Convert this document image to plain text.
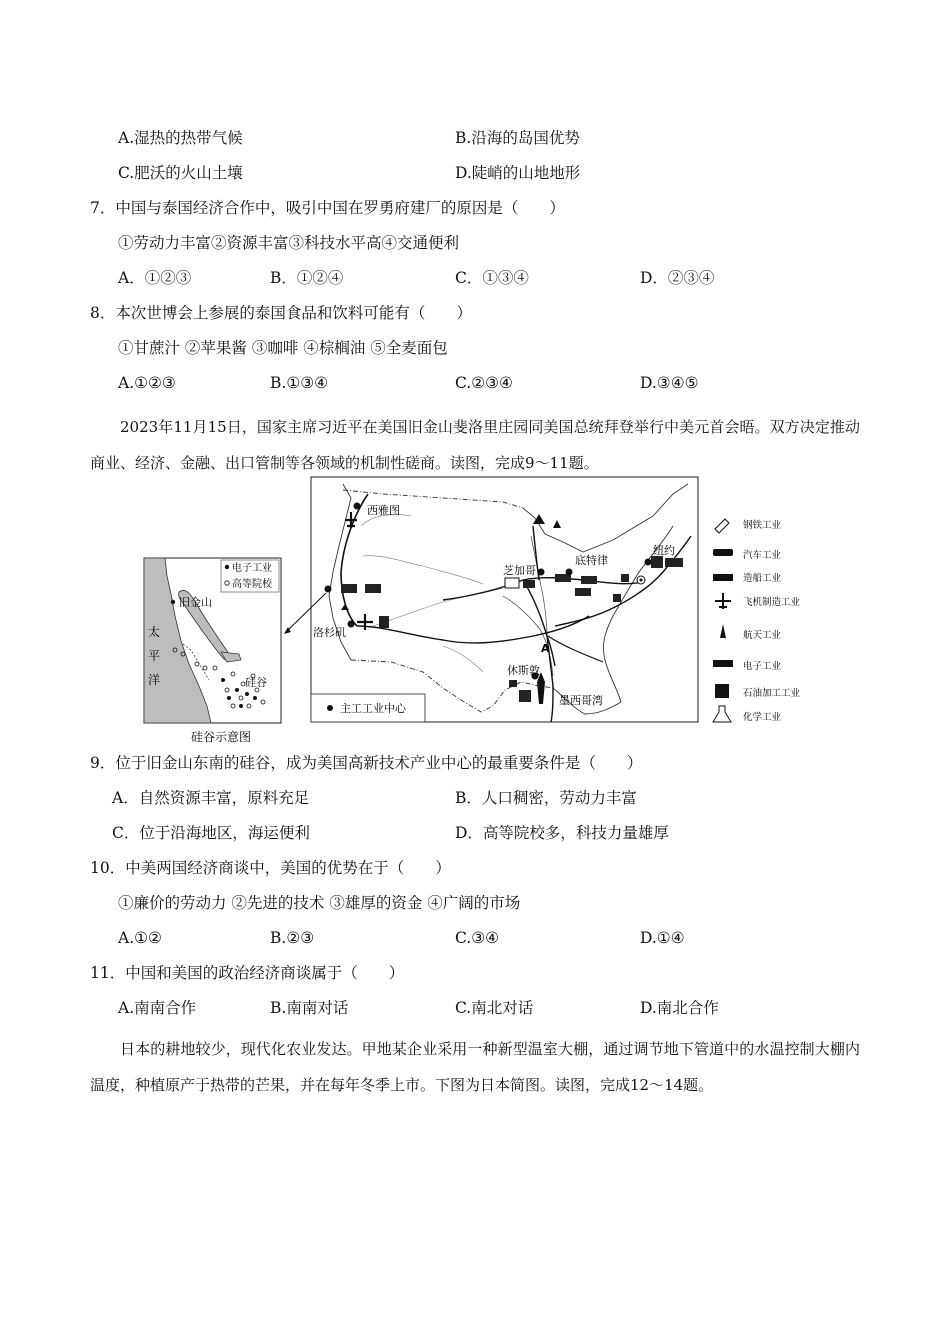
A.湿热的热带气候	B.沿海的岛国优势
C.肥沃的火山土壤	D.陡峭的山地地形
7．中国与泰国经济合作中，吸引中国在罗勇府建厂的原因是（　　）
①劳动力丰富②资源丰富③科技水平高④交通便利
A．①②③	B．①②④	C．①③④	D．②③④
8．本次世博会上参展的泰国食品和饮料可能有（　　）
①甘蔗汁 ②苹果酱 ③咖啡 ④棕榈油 ⑤全麦面包
A.①②③	B.①③④	C.②③④	D.③④⑤
2023年11月15日，国家主席习近平在美国旧金山斐洛里庄园同美国总统拜登举行中美元首会晤。双方决定推动商业、经济、金融、出口管制等各领域的机制性磋商。读图，完成9～11题。
电子工业
高等院校
旧金山
太
平
洋	硅谷
硅谷示意图
西雅图
洛杉矶
芝加哥
底特律
纽约
A
休斯敦
墨西哥湾
主工工业中心
钢铁工业
汽车工业
造船工业
飞机制造工业
航天工业
电子工业
石油加工工业
化学工业
9．位于旧金山东南的硅谷，成为美国高新技术产业中心的最重要条件是（　　）
A．自然资源丰富，原料充足	B．人口稠密，劳动力丰富
C．位于沿海地区，海运便利	D．高等院校多，科技力量雄厚
10．中美两国经济商谈中，美国的优势在于（　　）
①廉价的劳动力 ②先进的技术 ③雄厚的资金 ④广阔的市场
A.①②	B.②③	C.③④	D.①④
11．中国和美国的政治经济商谈属于（　　）
A.南南合作	B.南南对话	C.南北对话	D.南北合作
日本的耕地较少，现代化农业发达。甲地某企业采用一种新型温室大棚，通过调节地下管道中的水温控制大棚内温度，种植原产于热带的芒果，并在每年冬季上市。下图为日本简图。读图，完成12～14题。
